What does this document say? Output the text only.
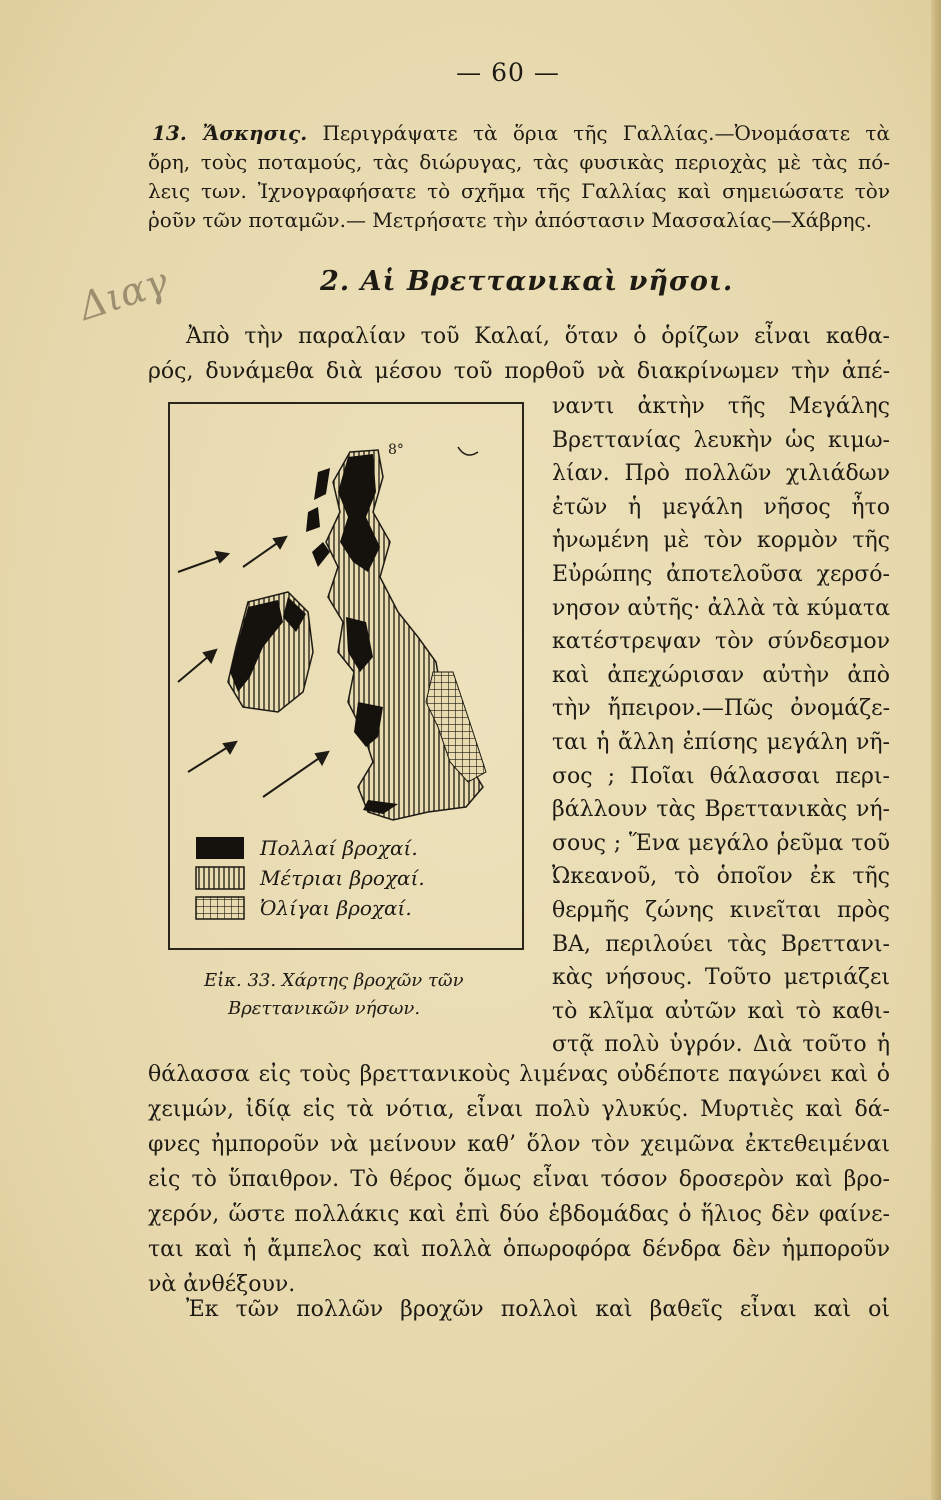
— 60 —
13. Ἄσκησις. Περιγράψατε τὰ ὅρια τῆς Γαλλίας.—Ὀνομάσατε τὰ
ὄρη, τοὺς ποταμούς, τὰς διώρυγας, τὰς φυσικὰς περιοχὰς μὲ τὰς πό-
λεις των. Ἰχνογραφήσατε τὸ σχῆμα τῆς Γαλλίας καὶ σημειώσατε τὸν
ῥοῦν τῶν ποταμῶν.— Μετρήσατε τὴν ἀπόστασιν Μασσαλίας—Χάβρης.
Διαγ	2. Αἱ Βρεττανικαὶ νῆσοι.
Ἀπὸ τὴν παραλίαν τοῦ Καλαί, ὅταν ὁ ὁρίζων εἶναι καθα-
ρός, δυνάμεθα διὰ μέσου τοῦ πορθοῦ νὰ διακρίνωμεν τὴν ἀπέ-
ναντι ἀκτὴν τῆς Μεγάλης
Βρεττανίας λευκὴν ὡς κιμω-
λίαν. Πρὸ πολλῶν χιλιάδων
ἐτῶν ἡ μεγάλη νῆσος ἦτο
ἡνωμένη μὲ τὸν κορμὸν τῆς
Εὐρώπης ἀποτελοῦσα χερσό-
νησον αὐτῆς· ἀλλὰ τὰ κύματα
κατέστρεψαν τὸν σύνδεσμον
καὶ ἀπεχώρισαν αὐτὴν ἀπὸ
τὴν ἤπειρον.—Πῶς ὀνομάζε-
ται ἡ ἄλλη ἐπίσης μεγάλη νῆ-
σος ; Ποῖαι θάλασσαι περι-
βάλλουν τὰς Βρεττανικὰς νή-
σους ; Ἕνα μεγάλο ῥεῦμα τοῦ
Ὠκεανοῦ, τὸ ὁποῖον ἐκ τῆς
θερμῆς ζώνης κινεῖται πρὸς
ΒΑ, περιλούει τὰς Βρεττανι-
κὰς νήσους. Τοῦτο μετριάζει
τὸ κλῖμα αὐτῶν καὶ τὸ καθι-
στᾷ πολὺ ὑγρόν. Διὰ τοῦτο ἡ
8°
Πολλαί βροχαί.
Μέτριαι βροχαί.
Ὀλίγαι βροχαί.
Εἰκ. 33. Χάρτης βροχῶν τῶν
Βρεττανικῶν νήσων.
θάλασσα εἰς τοὺς βρεττανικοὺς λιμένας οὐδέποτε παγώνει καὶ ὁ
χειμών, ἰδίᾳ εἰς τὰ νότια, εἶναι πολὺ γλυκύς. Μυρτιὲς καὶ δά-
φνες ἠμποροῦν νὰ μείνουν καθ’ ὅλον τὸν χειμῶνα ἐκτεθειμέναι
εἰς τὸ ὕπαιθρον. Τὸ θέρος ὅμως εἶναι τόσον δροσερὸν καὶ βρο-
χερόν, ὥστε πολλάκις καὶ ἐπὶ δύο ἑβδομάδας ὁ ἥλιος δὲν φαίνε-
ται καὶ ἡ ἄμπελος καὶ πολλὰ ὀπωροφόρα δένδρα δὲν ἠμποροῦν
νὰ ἀνθέξουν.
Ἐκ τῶν πολλῶν βροχῶν πολλοὶ καὶ βαθεῖς εἶναι καὶ οἱ
